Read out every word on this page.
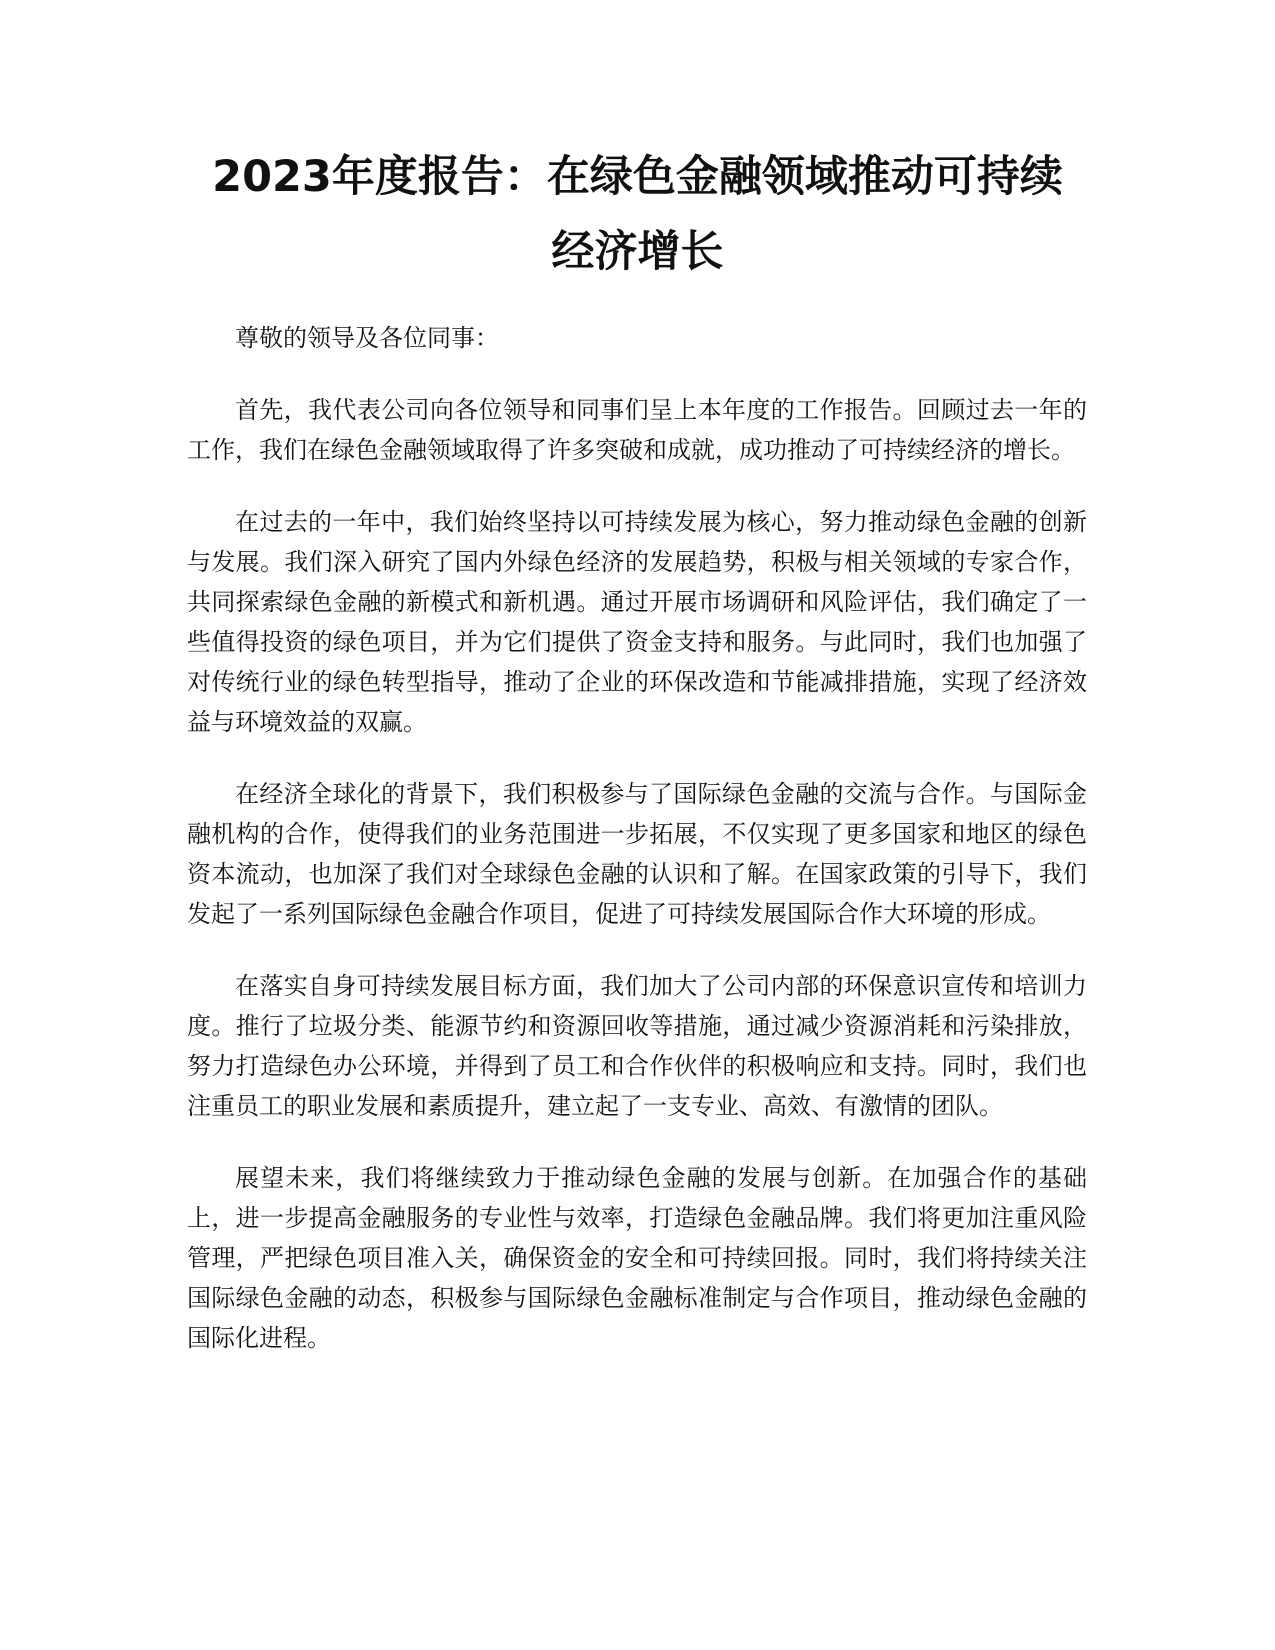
2023年度报告：在绿色金融领域推动可持续
经济增长

尊敬的领导及各位同事：

首先，我代表公司向各位领导和同事们呈上本年度的工作报告。回顾过去一年的工作，我们在绿色金融领域取得了许多突破和成就，成功推动了可持续经济的增长。

在过去的一年中，我们始终坚持以可持续发展为核心，努力推动绿色金融的创新与发展。我们深入研究了国内外绿色经济的发展趋势，积极与相关领域的专家合作，共同探索绿色金融的新模式和新机遇。通过开展市场调研和风险评估，我们确定了一些值得投资的绿色项目，并为它们提供了资金支持和服务。与此同时，我们也加强了对传统行业的绿色转型指导，推动了企业的环保改造和节能减排措施，实现了经济效益与环境效益的双赢。

在经济全球化的背景下，我们积极参与了国际绿色金融的交流与合作。与国际金融机构的合作，使得我们的业务范围进一步拓展，不仅实现了更多国家和地区的绿色资本流动，也加深了我们对全球绿色金融的认识和了解。在国家政策的引导下，我们发起了一系列国际绿色金融合作项目，促进了可持续发展国际合作大环境的形成。

在落实自身可持续发展目标方面，我们加大了公司内部的环保意识宣传和培训力度。推行了垃圾分类、能源节约和资源回收等措施，通过减少资源消耗和污染排放，努力打造绿色办公环境，并得到了员工和合作伙伴的积极响应和支持。同时，我们也注重员工的职业发展和素质提升，建立起了一支专业、高效、有激情的团队。

展望未来，我们将继续致力于推动绿色金融的发展与创新。在加强合作的基础上，进一步提高金融服务的专业性与效率，打造绿色金融品牌。我们将更加注重风险管理，严把绿色项目准入关，确保资金的安全和可持续回报。同时，我们将持续关注国际绿色金融的动态，积极参与国际绿色金融标准制定与合作项目，推动绿色金融的国际化进程。
